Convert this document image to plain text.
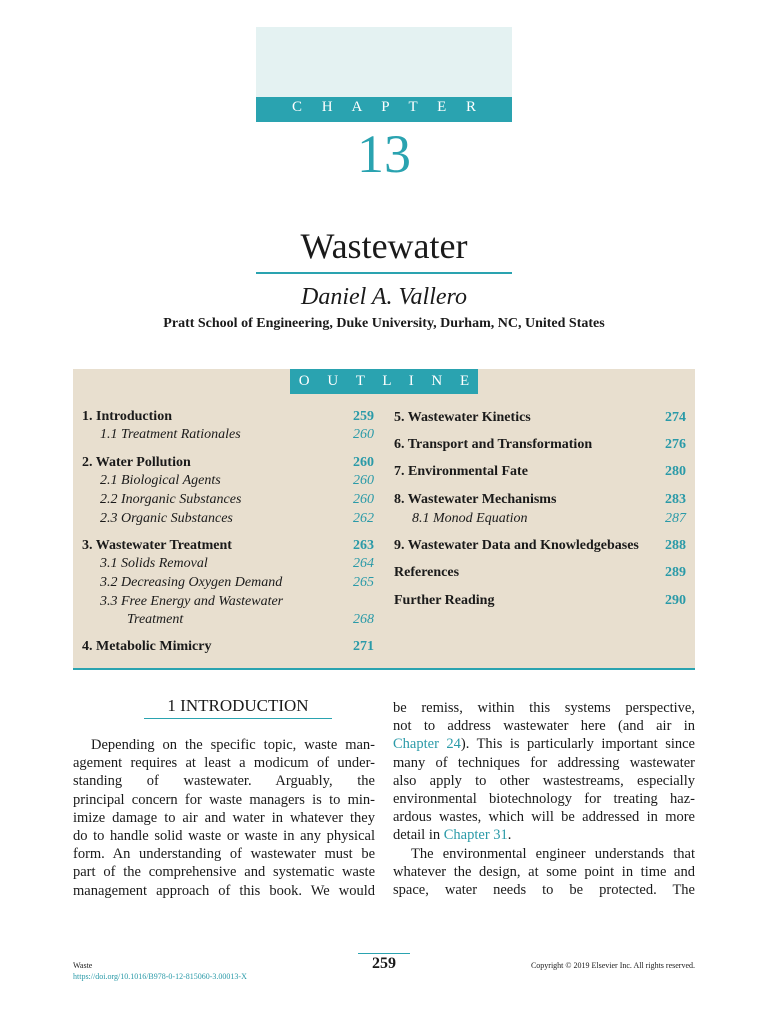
C H A P T E R
13
Wastewater
Daniel A. Vallero
Pratt School of Engineering, Duke University, Durham, NC, United States
O U T L I N E
1. Introduction	259
1.1 Treatment Rationales	260
2. Water Pollution	260
2.1 Biological Agents	260
2.2 Inorganic Substances	260
2.3 Organic Substances	262
3. Wastewater Treatment	263
3.1 Solids Removal	264
3.2 Decreasing Oxygen Demand	265
3.3 Free Energy and Wastewater
Treatment	268
4. Metabolic Mimicry	271
5. Wastewater Kinetics	274
6. Transport and Transformation	276
7. Environmental Fate	280
8. Wastewater Mechanisms	283
8.1 Monod Equation	287
9. Wastewater Data and Knowledgebases 288
References	289
Further Reading	290
1 INTRODUCTION
Depending on the specific topic, waste man-
agement requires at least a modicum of under-
standing of wastewater. Arguably, the
principal concern for waste managers is to min-
imize damage to air and water in whatever they
do to handle solid waste or waste in any physical
form. An understanding of wastewater must be
part of the comprehensive and systematic waste
management approach of this book. We would
be remiss, within this systems perspective,
not to address wastewater here (and air in
Chapter 24). This is particularly important since
many of techniques for addressing wastewater
also apply to other wastestreams, especially
environmental biotechnology for treating haz-
ardous wastes, which will be addressed in more
detail in Chapter 31.
The environmental engineer understands that
whatever the design, at some point in time and
space, water needs to be protected. The
259
Waste
https://doi.org/10.1016/B978-0-12-815060-3.00013-X
Copyright © 2019 Elsevier Inc. All rights reserved.
